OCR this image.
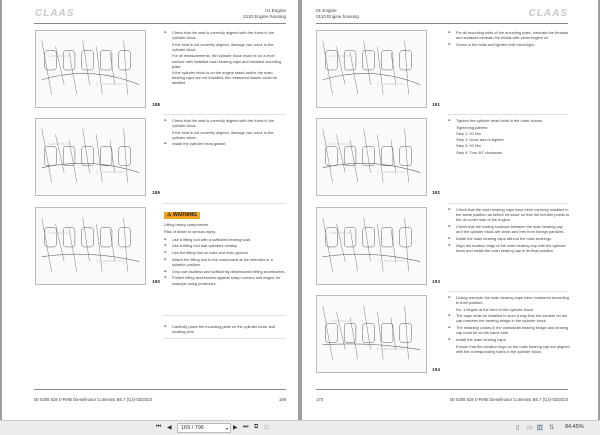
CLAAS	01 Engine
0110 Engine housing
© Cummins Inc.
© Cummins Inc.
188
► Check that the seal is correctly aligned with the holes in the cylinder block.
If the seal is not correctly aligned, damage can occur in the cylinder block.
For all measurements, the cylinder block must be on a level surface with installed main bearing caps and installed mounting plate.
If the cylinder block is on the engine stand and/or the main bearing caps are not installed, the measured values could be falsified.
© Cummins Inc.
© Cummins Inc.
189
► Check that the seal is correctly aligned with the holes in the cylinder block.
If the seal is not correctly aligned, damage can occur in the cylinder block.
► Install the cylinder head gasket.
© Cummins Inc.
© Cummins Inc.
190
⚠ WARNING
Lifting heavy components.
Risk of death or serious injury.
► Use a lifting tool with a sufficient bearing load.
► Use a lifting tool that operates reliably.
► Use the lifting tool on solid and even ground.
► Attach the lifting tool to the component at the intended or a suitable position.
► Only use faultless and sufficiently dimensioned lifting accessories.
► Protect lifting accessories against sharp corners and edges, for example using protectors.
► Carefully place the mounting plate on the cylinder block and locating pins.
00 0306 525 0-RHB Dieselmotor Cummins B6.7 (C4)-03/2023	169
01 Engine
0110 Engine housing	CLAAS
© Cummins Inc.
© Cummins Inc.
191
► For all mounting bolts of the mounting plate, lubricate the threads and surfaces beneath the heads with clean engine oil.
► Screw in the bolts and tighten until hand-tight.
© Cummins Inc.
© Cummins Inc.
192
► Tighten the cylinder head bolts in the order shown.
Tightening pattern:
Step 1: 90 Nm
Step 2: Undo and re-tighten
Step 3: 90 Nm
Step 4: Turn 90° clockwise
© Cummins Inc.
© Cummins Inc.
193
► Check that the main bearing caps have been correctly installed in the same position as before removal, so that the number points to the oil cooler side of the engine.
► Check that the mating surfaces between the main bearing cap and the cylinder block are clean and free from foreign particles.
► Install the main bearing caps without the main bearings.
► Align the location rings of the main bearing cap with the cylinder block and install the main bearing cap in its final position.
© Cummins Inc.
© Cummins Inc.
194
► During removal, the main bearing caps were numbered according to their position.
No. 1 begins at the front of the cylinder block.
► The caps must be installed in such a way that the number on the cap matches the bearing bridge in the cylinder block.
► The retaining collars in the crankshaft bearing bridge and bearing cap must be on the same side.
► Install the main bearing caps.
Ensure that the location rings on the main bearing cap are aligned with the corresponding holes in the cylinder block.
170	00 0306 525 0-RHB Dieselmotor Cummins B6.7 (C4)-03/2023
⏮ ◀	169 / 796	▾ ▶ ⏭ ⧉ ⊡	▯ ▭ ◫ ⇅ 84.45%
